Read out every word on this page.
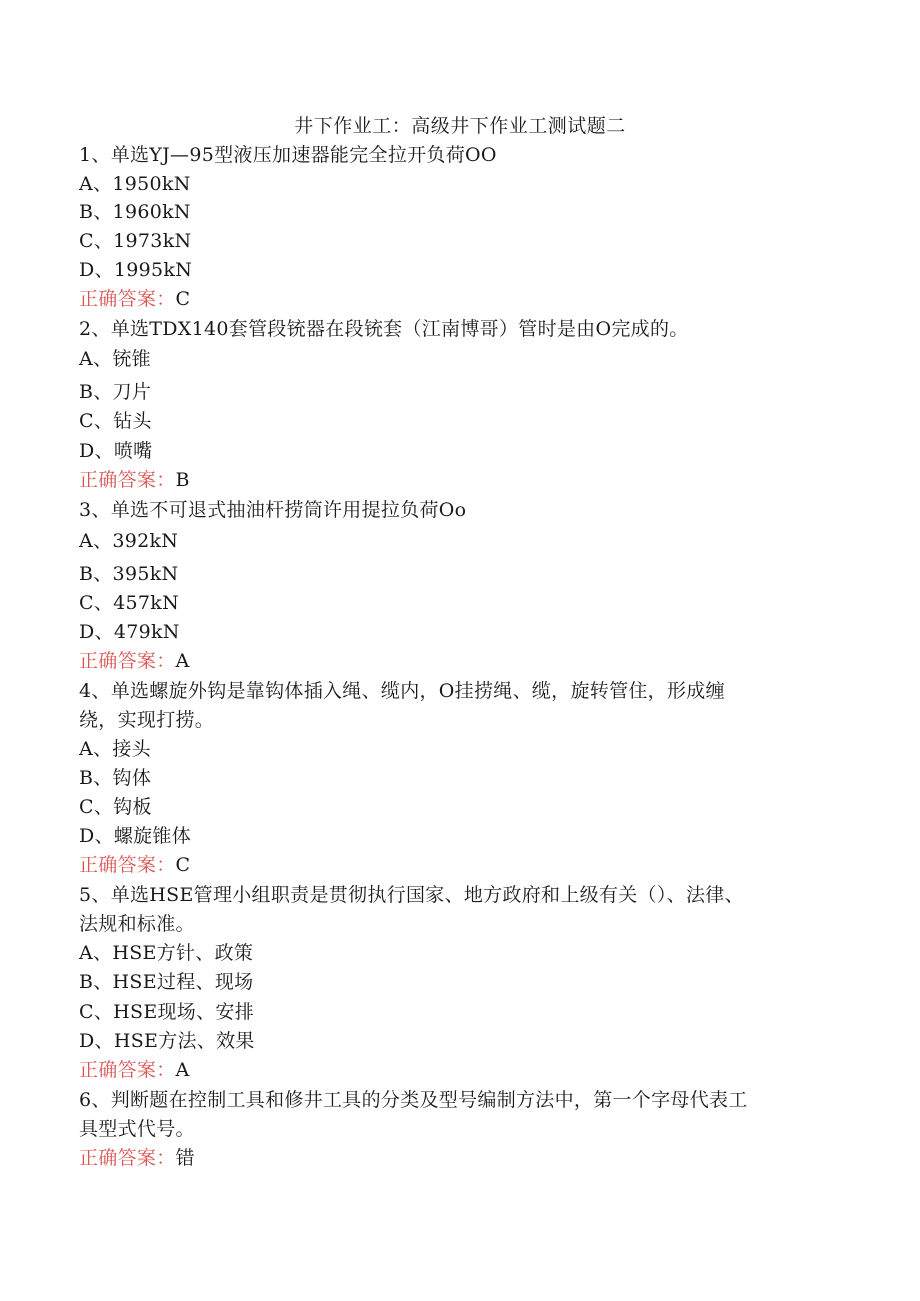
井下作业工：高级井下作业工测试题二
1、单选YJ—95型液压加速器能完全拉开负荷OO
A、1950kN
B、1960kN
C、1973kN
D、1995kN
正确答案：C
2、单选TDX140套管段铳器在段铳套（江南博哥）管时是由O完成的。
A、铳锥
B、刀片
C、钻头
D、喷嘴
正确答案：B
3、单选不可退式抽油杆捞筒许用提拉负荷Oo
A、392kN
B、395kN
C、457kN
D、479kN
正确答案：A
4、单选螺旋外钩是靠钩体插入绳、缆内，O挂捞绳、缆，旋转管住，形成缠
绕，实现打捞。
A、接头
B、钩体
C、钩板
D、螺旋锥体
正确答案：C
5、单选HSE管理小组职责是贯彻执行国家、地方政府和上级有关（）、法律、
法规和标准。
A、HSE方针、政策
B、HSE过程、现场
C、HSE现场、安排
D、HSE方法、效果
正确答案：A
6、判断题在控制工具和修井工具的分类及型号编制方法中，第一个字母代表工
具型式代号。
正确答案：错
